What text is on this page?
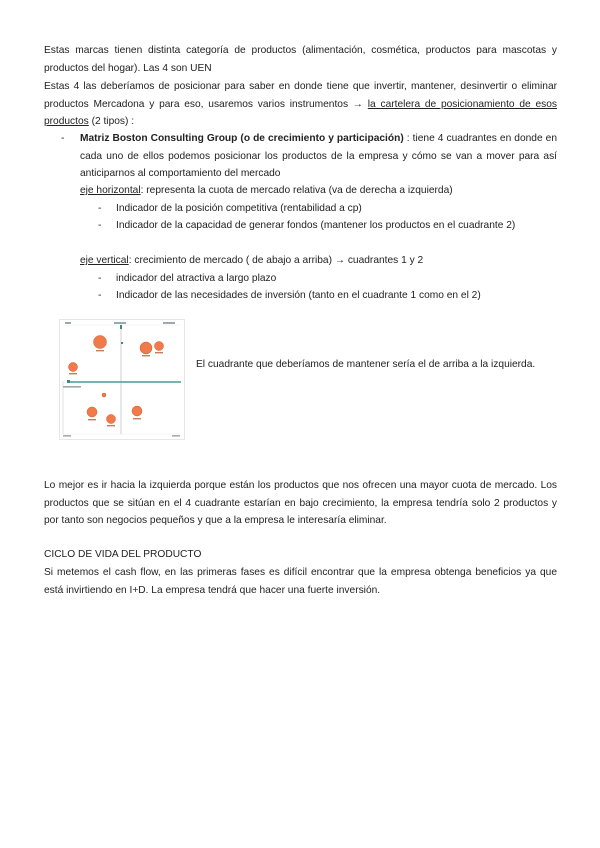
Estas marcas tienen distinta categoría de productos (alimentación, cosmética, productos para mascotas y productos del hogar). Las 4 son UEN

Estas 4 las deberíamos de posicionar para saber en donde tiene que invertir, mantener, desinvertir o eliminar productos Mercadona y para eso, usaremos varios instrumentos → la cartelera de posicionamiento de esos productos (2 tipos) :

- Matriz Boston Consulting Group (o de crecimiento y participación) : tiene 4 cuadrantes en donde en cada uno de ellos podemos posicionar los productos de la empresa y cómo se van a mover para así anticiparnos al comportamiento del mercado
eje horizontal: representa la cuota de mercado relativa (va de derecha a izquierda)
- Indicador de la posición competitiva (rentabilidad a cp)
- Indicador de la capacidad de generar fondos (mantener los productos en el cuadrante 2)
eje vertical: crecimiento de mercado ( de abajo a arriba) → cuadrantes 1 y 2
- indicador del atractiva a largo plazo
- Indicador de las necesidades de inversión (tanto en el cuadrante 1 como en el 2)
El cuadrante que deberíamos de mantener sería el de arriba a la izquierda.

Lo mejor es ir hacia la izquierda porque están los productos que nos ofrecen una mayor cuota de mercado. Los productos que se sitúan en el 4 cuadrante estarían en bajo crecimiento, la empresa tendría solo 2 productos y por tanto son negocios pequeños y que a la empresa le interesaría eliminar.

CICLO DE VIDA DEL PRODUCTO

Si metemos el cash flow, en las primeras fases es difícil encontrar que la empresa obtenga beneficios ya que está invirtiendo en I+D. La empresa tendrá que hacer una fuerte inversión.
